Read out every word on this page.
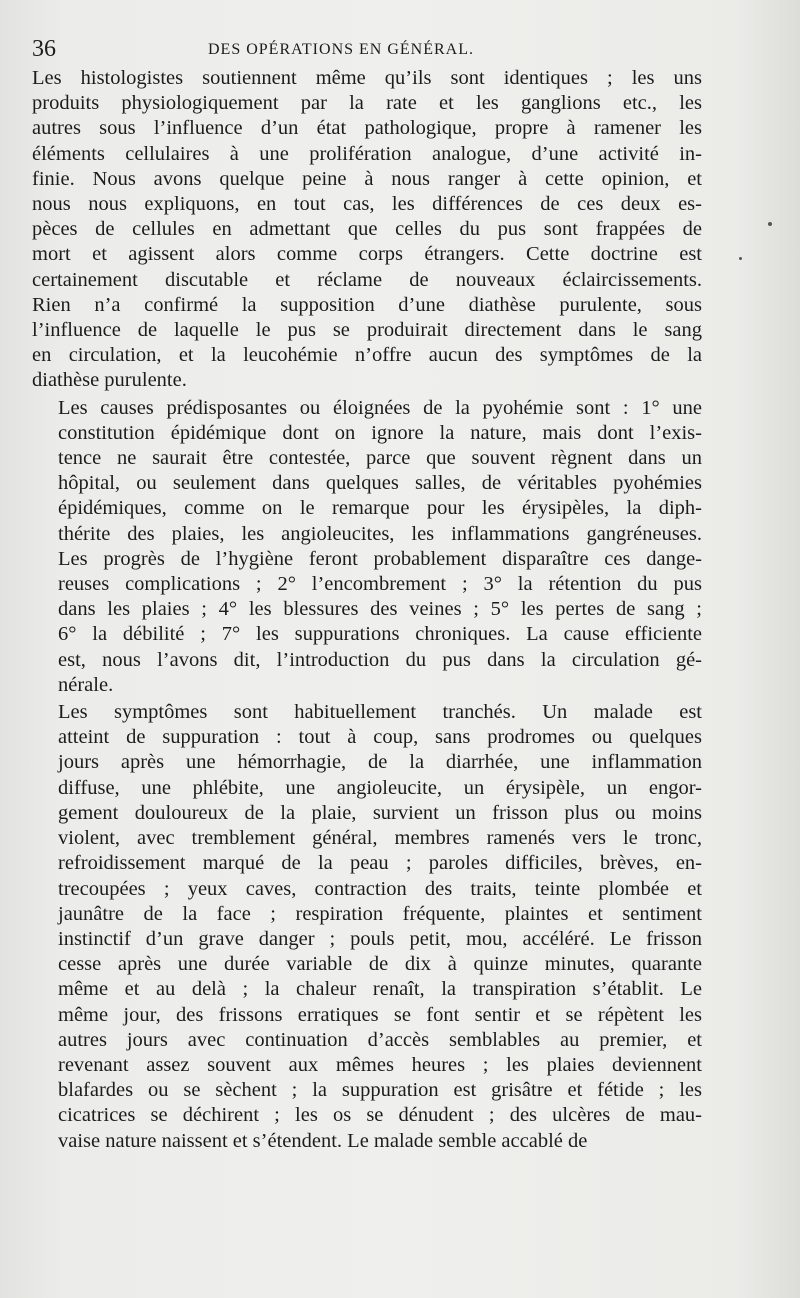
36	DES OPÉRATIONS EN GÉNÉRAL.

Les histologistes soutiennent même qu’ils sont identiques ; les uns
produits physiologiquement par la rate et les ganglions etc., les
autres sous l’influence d’un état pathologique, propre à ramener les
éléments cellulaires à une prolifération analogue, d’une activité in-
finie. Nous avons quelque peine à nous ranger à cette opinion, et
nous nous expliquons, en tout cas, les différences de ces deux es-
pèces de cellules en admettant que celles du pus sont frappées de
mort et agissent alors comme corps étrangers. Cette doctrine est
certainement discutable et réclame de nouveaux éclaircissements.
Rien n’a confirmé la supposition d’une diathèse purulente, sous
l’influence de laquelle le pus se produirait directement dans le sang
en circulation, et la leucohémie n’offre aucun des symptômes de la
diathèse purulente.

Les causes prédisposantes ou éloignées de la pyohémie sont : 1° une
constitution épidémique dont on ignore la nature, mais dont l’exis-
tence ne saurait être contestée, parce que souvent règnent dans un
hôpital, ou seulement dans quelques salles, de véritables pyohémies
épidémiques, comme on le remarque pour les érysipèles, la diph-
thérite des plaies, les angioleucites, les inflammations gangréneuses.
Les progrès de l’hygiène feront probablement disparaître ces dange-
reuses complications ; 2° l’encombrement ; 3° la rétention du pus
dans les plaies ; 4° les blessures des veines ; 5° les pertes de sang ;
6° la débilité ; 7° les suppurations chroniques. La cause efficiente
est, nous l’avons dit, l’introduction du pus dans la circulation gé-
nérale.

Les symptômes sont habituellement tranchés. Un malade est
atteint de suppuration : tout à coup, sans prodromes ou quelques
jours après une hémorrhagie, de la diarrhée, une inflammation
diffuse, une phlébite, une angioleucite, un érysipèle, un engor-
gement douloureux de la plaie, survient un frisson plus ou moins
violent, avec tremblement général, membres ramenés vers le tronc,
refroidissement marqué de la peau ; paroles difficiles, brèves, en-
trecoupées ; yeux caves, contraction des traits, teinte plombée et
jaunâtre de la face ; respiration fréquente, plaintes et sentiment
instinctif d’un grave danger ; pouls petit, mou, accéléré. Le frisson
cesse après une durée variable de dix à quinze minutes, quarante
même et au delà ; la chaleur renaît, la transpiration s’établit. Le
même jour, des frissons erratiques se font sentir et se répètent les
autres jours avec continuation d’accès semblables au premier, et
revenant assez souvent aux mêmes heures ; les plaies deviennent
blafardes ou se sèchent ; la suppuration est grisâtre et fétide ; les
cicatrices se déchirent ; les os se dénudent ; des ulcères de mau-
vaise nature naissent et s’étendent. Le malade semble accablé de
